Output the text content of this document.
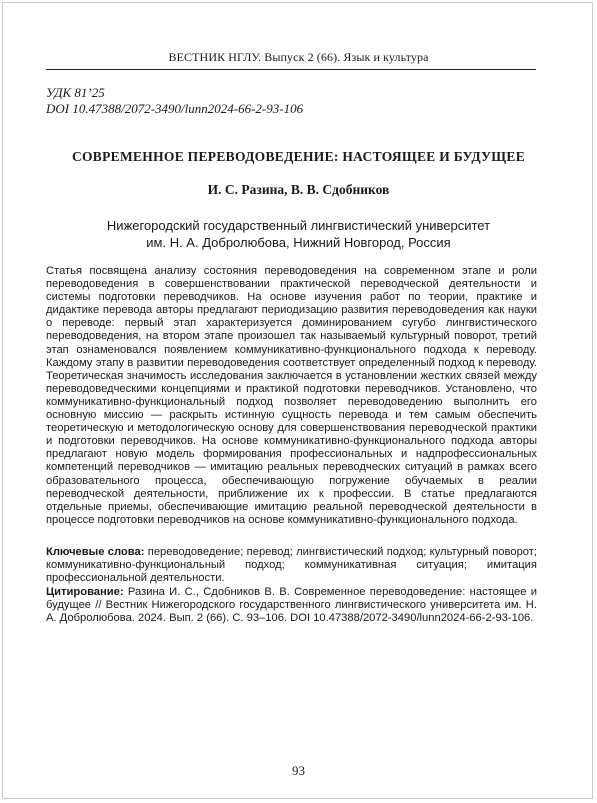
ВЕСТНИК НГЛУ. Выпуск 2 (66). Язык и культура
УДК 81’25
DOI 10.47388/2072-3490/lunn2024-66-2-93-106
СОВРЕМЕННОЕ ПЕРЕВОДОВЕДЕНИЕ: НАСТОЯЩЕЕ И БУДУЩЕЕ
И. С. Разина, В. В. Сдобников
Нижегородский государственный лингвистический университет
им. Н. А. Добролюбова, Нижний Новгород, Россия

Статья посвящена анализу состояния переводоведения на современном этапе и роли переводоведения в совершенствовании практической переводческой деятельности и системы подготовки переводчиков. На основе изучения работ по теории, практике и дидактике перевода авторы предлагают периодизацию развития переводоведения как науки о переводе: первый этап характеризуется доминированием сугубо лингвистического переводоведения, на втором этапе произошел так называемый культурный поворот, третий этап ознаменовался появлением коммуникативно-функционального подхода к переводу. Каждому этапу в развитии переводоведения соответствует определенный подход к переводу. Теоретическая значимость исследования заключается в установлении жестких связей между переводоведческими концепциями и практикой подготовки переводчиков. Установлено, что коммуникативно-функциональный подход позволяет переводоведению выполнить его основную миссию — раскрыть истинную сущность перевода и тем самым обеспечить теоретическую и методологическую основу для совершенствования переводческой практики и подготовки переводчиков. На основе коммуникативно-функционального подхода авторы предлагают новую модель формирования профессиональных и надпрофессиональных компетенций переводчиков — имитацию реальных переводческих ситуаций в рамках всего образовательного процесса, обеспечивающую погружение обучаемых в реалии переводческой деятельности, приближение их к профессии. В статье предлагаются отдельные приемы, обеспечивающие имитацию реальной переводческой деятельности в процессе подготовки переводчиков на основе коммуникативно-функционального подхода.

Ключевые слова: переводоведение; перевод; лингвистический подход; культурный поворот; коммуникативно-функциональный подход; коммуникативная ситуация; имитация профессиональной деятельности.

Цитирование: Разина И. С., Сдобников В. В. Современное переводоведение: настоящее и будущее // Вестник Нижегородского государственного лингвистического университета им. Н. А. Добролюбова. 2024. Вып. 2 (66). С. 93–106. DOI 10.47388/2072-3490/lunn2024-66-2-93-106.

93
